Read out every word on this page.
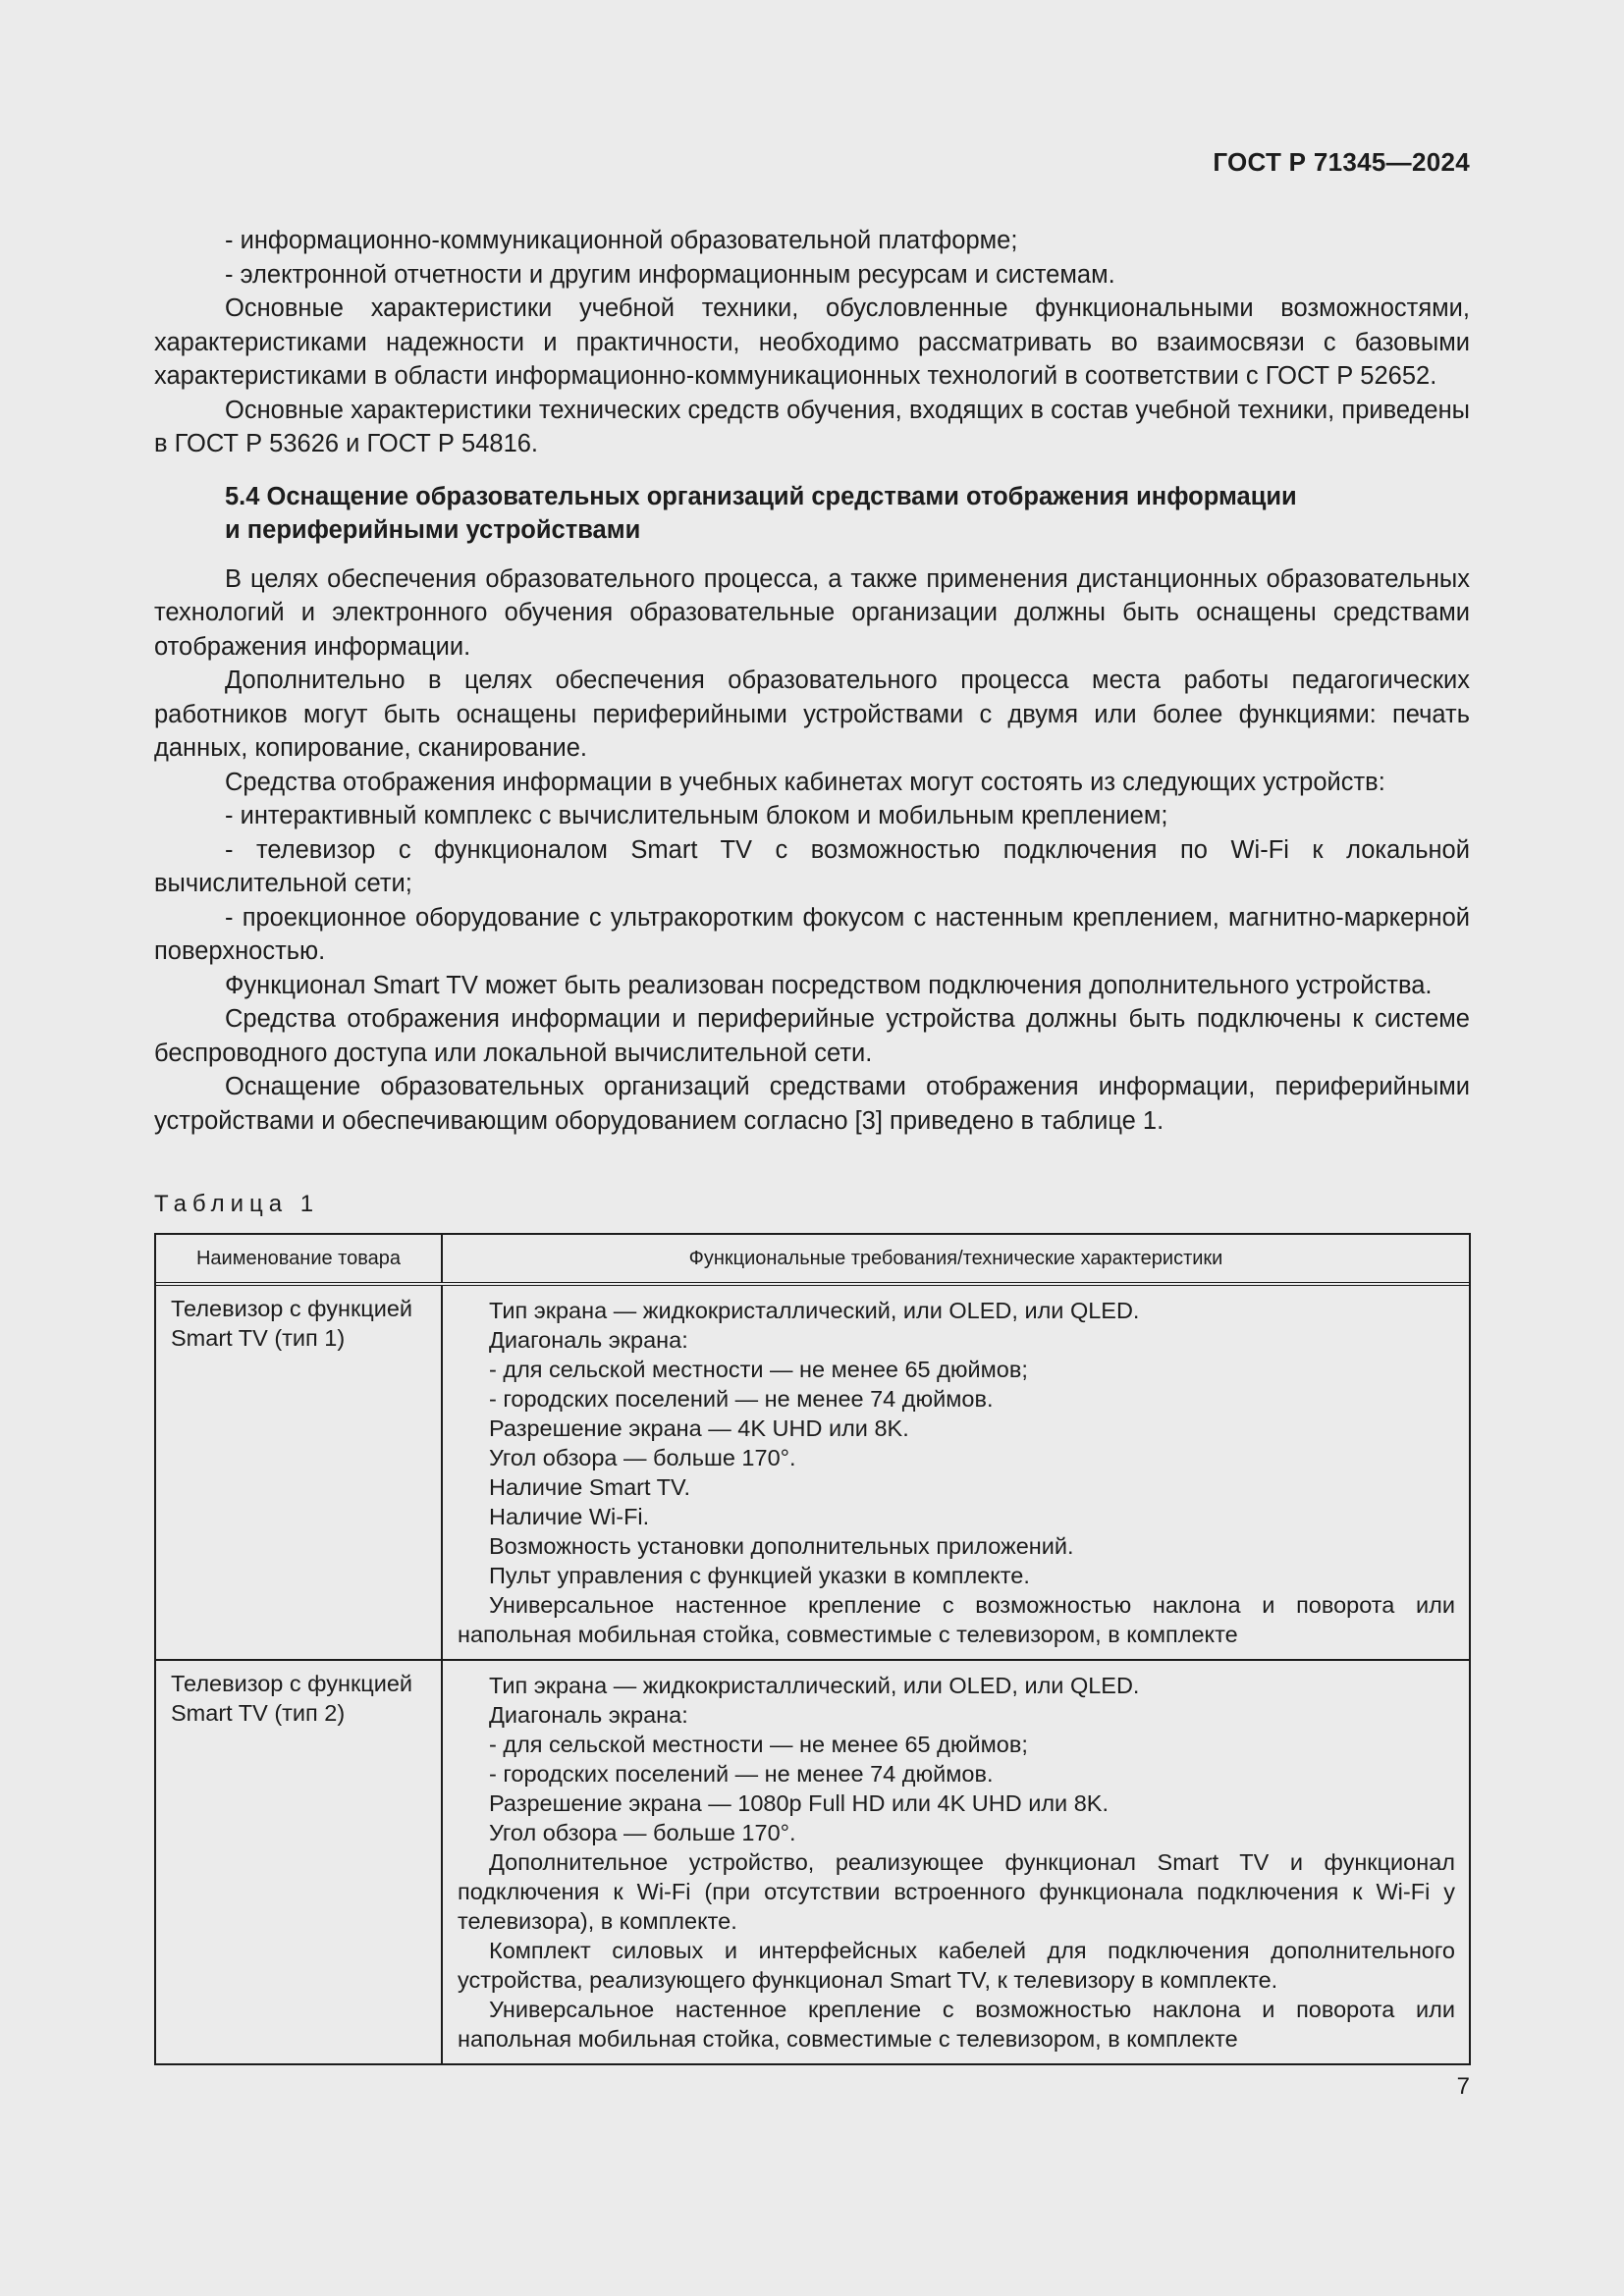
ГОСТ Р 71345—2024

- информационно-коммуникационной образовательной платформе;

- электронной отчетности и другим информационным ресурсам и системам.

Основные характеристики учебной техники, обусловленные функциональными возможностями, характеристиками надежности и практичности, необходимо рассматривать во взаимосвязи с базовыми характеристиками в области информационно-коммуникационных технологий в соответствии с ГОСТ Р 52652.

Основные характеристики технических средств обучения, входящих в состав учебной техники, приведены в ГОСТ Р 53626 и ГОСТ Р 54816.

5.4 Оснащение образовательных организаций средствами отображения информации
и периферийными устройствами

В целях обеспечения образовательного процесса, а также применения дистанционных образовательных технологий и электронного обучения образовательные организации должны быть оснащены средствами отображения информации.

Дополнительно в целях обеспечения образовательного процесса места работы педагогических работников могут быть оснащены периферийными устройствами с двумя или более функциями: печать данных, копирование, сканирование.

Средства отображения информации в учебных кабинетах могут состоять из следующих устройств:

- интерактивный комплекс с вычислительным блоком и мобильным креплением;

- телевизор с функционалом Smart TV с возможностью подключения по Wi-Fi к локальной вычислительной сети;

- проекционное оборудование с ультракоротким фокусом с настенным креплением, магнитно-маркерной поверхностью.

Функционал Smart TV может быть реализован посредством подключения дополнительного устройства.

Средства отображения информации и периферийные устройства должны быть подключены к системе беспроводного доступа или локальной вычислительной сети.

Оснащение образовательных организаций средствами отображения информации, периферийными устройствами и обеспечивающим оборудованием согласно [3] приведено в таблице 1.

Таблица 1
Наименование товара	Функциональные требования/технические характеристики
Телевизор с функцией Smart TV (тип 1)
Тип экрана — жидкокристаллический, или OLED, или QLED.
Диагональ экрана:
- для сельской местности — не менее 65 дюймов;
- городских поселений — не менее 74 дюймов.
Разрешение экрана — 4K UHD или 8K.
Угол обзора — больше 170°.
Наличие Smart TV.
Наличие Wi-Fi.
Возможность установки дополнительных приложений.
Пульт управления с функцией указки в комплекте.
Универсальное настенное крепление с возможностью наклона и поворота или напольная мобильная стойка, совместимые с телевизором, в комплекте
Телевизор с функцией Smart TV (тип 2)
Тип экрана — жидкокристаллический, или OLED, или QLED.
Диагональ экрана:
- для сельской местности — не менее 65 дюймов;
- городских поселений — не менее 74 дюймов.
Разрешение экрана — 1080p Full HD или 4K UHD или 8K.
Угол обзора — больше 170°.
Дополнительное устройство, реализующее функционал Smart TV и функционал подключения к Wi-Fi (при отсутствии встроенного функционала подключения к Wi-Fi у телевизора), в комплекте.
Комплект силовых и интерфейсных кабелей для подключения дополнительного устройства, реализующего функционал Smart TV, к телевизору в комплекте.
Универсальное настенное крепление с возможностью наклона и поворота или напольная мобильная стойка, совместимые с телевизором, в комплекте
7
